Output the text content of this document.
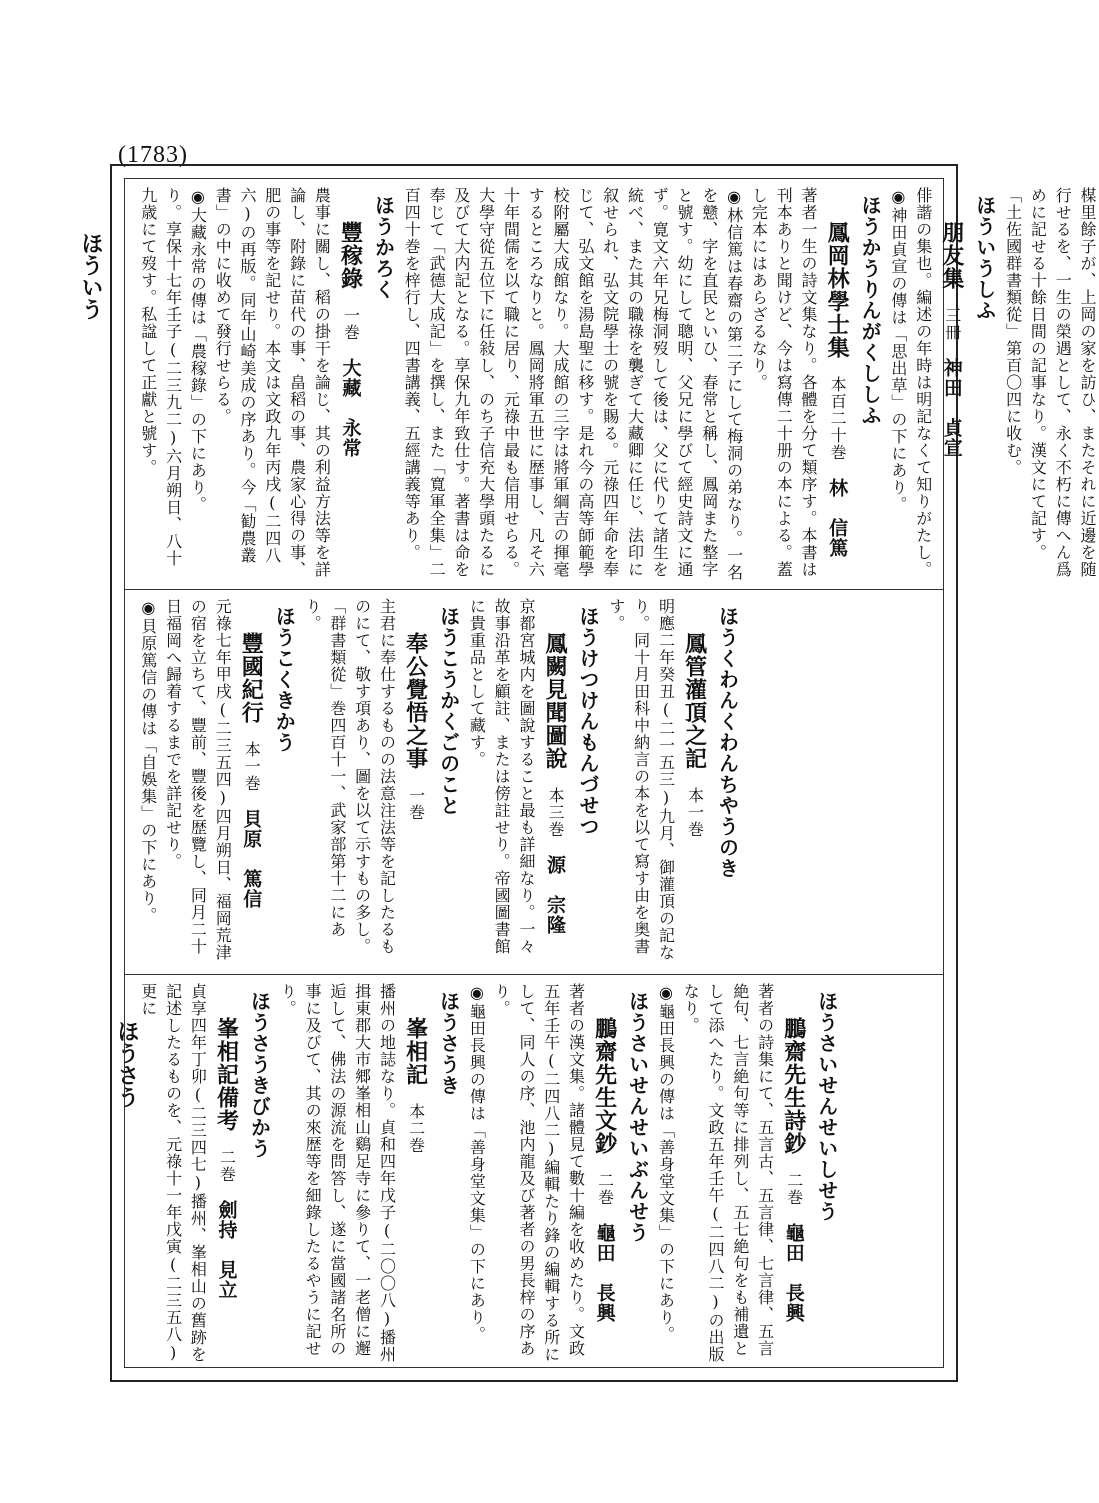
(1783)
ほういう
ほうさう
楳里餘子が、上岡の家を訪ひ、またそれに近邊を随行せるを、一生の榮遇として、永く不朽に傳へん爲めに記せる十餘日間の記事なり。漢文にて記す。「土佐國群書類從」第百〇四に收む。
ほういうしふ
朋友集　三冊　神田　貞宣
俳諧の集也。編述の年時は明記なくて知りがたし。
◉神田貞宣の傳は「思出草」の下にあり。
ほうかうりんがくししふ
鳳岡林學士集　本百二十巻　林　信篤
著者一生の詩文集なり。各體を分て類序す。本書は刊本ありと聞けど、今は寫傳二十册の本による。蓋し完本にはあらざるなり。
◉林信篤は春齋の第二子にして梅洞の弟なり。一名を戆、字を直民といひ、春常と稱し、鳳岡また整字と號す。幼にして聰明、父兄に學びて經史詩文に通ず。寛文六年兄梅洞歿して後は、父に代りて諸生を統べ、また其の職祿を襲ぎて大藏卿に任じ、法印に叙せられ、弘文院學士の號を賜る。元祿四年命を奉じて、弘文館を湯島聖に移す。是れ今の高等師範學校附屬大成館なり。大成館の三字は將軍綱吉の揮毫するところなりと。鳳岡將軍五世に歴事し、凡そ六十年間儒を以て職に居り、元祿中最も信用せらる。大學守從五位下に任敍し、のち子信充大學頭たるに及びて大内記となる。享保九年致仕す。著書は命を奉じて「武德大成記」を撰し、また「寬軍全集」二百四十巻を梓行し、四書講義、五經講義等あり。
ほうかろく
豐稼錄　一巻　大藏　永常
農事に關し、稻の掛干を論じ、其の利益方法等を詳論し、附錄に苗代の事、畠稻の事、農家心得の事、肥の事等を記せり。本文は文政九年丙戌(二四八六)の再版。同年山崎美成の序あり。今「勧農叢書」の中に收めて發行せらる。
◉大藏永常の傳は「農稼錄」の下にあり。
り。享保十七年壬子(二三九二)六月朔日、八十九歳にて歿す。私諡して正獻と號す。
ほうくわんくわんちやうのき
鳳管灌頂之記　本一巻
明應二年癸丑(二一五三)九月、御灌頂の記なり。同十月田科中納言の本を以て寫す由を奥書す。
ほうけつけんもんづせつ
鳳闕見聞圖說　本三巻　源　宗隆
京都宮城内を圖說すること最も詳細なり。一々故事沿革を顧註、または傍註せり。帝國圖書館に貴重品として藏す。
ほうこうかくごのこと
奉公覺悟之事　一巻
主君に奉仕するものの法意注法等を記したるものにて、敬す項あり、圖を以て示すもの多し。「群書類從」巻四百十一、武家部第十二にあり。
ほうこくきかう
豐國紀行　本一巻　貝原　篤信
元祿七年甲戌(二三五四)四月朔日、福岡荒津の宿を立ちて、豐前、豐後を歴覽し、同月二十日福岡へ歸着するまでを詳記せり。
◉貝原篤信の傳は「自娛集」の下にあり。
ほうさいせんせいしせう
鵬齋先生詩鈔　二巻　龜田　長興
著者の詩集にて、五言古、五言律、七言律、五言絶句、七言絶句等に排列し、五七絶句をも補遺として添へたり。文政五年壬午(二四八二)の出版なり。
◉龜田長興の傳は「善身堂文集」の下にあり。
ほうさいせんせいぶんせう
鵬齋先生文鈔　二巻　龜田　長興
著者の漢文集。諸體見て數十編を收めたり。文政五年壬午(二四八二)編輯たり鋒の編輯する所にして、同人の序、池内龍及び著者の男長梓の序あり。
◉龜田長興の傳は「善身堂文集」の下にあり。
ほうさうき
峯相記　本二巻
播州の地誌なり。貞和四年戊子(二〇〇八)播州揖東郡大市郷峯相山鷄足寺に參りて、一老僧に邂逅して、佛法の源流を問答し、遂に當國諸名所の事に及びて、其の來歴等を細錄したるやうに記せり。
ほうさうきびかう
峯相記備考　二巻　劍持　見立
貞享四年丁卯(二三四七)播州、峯相山の舊跡を記述したるものを、元祿十一年戊寅(二三五八)更に
